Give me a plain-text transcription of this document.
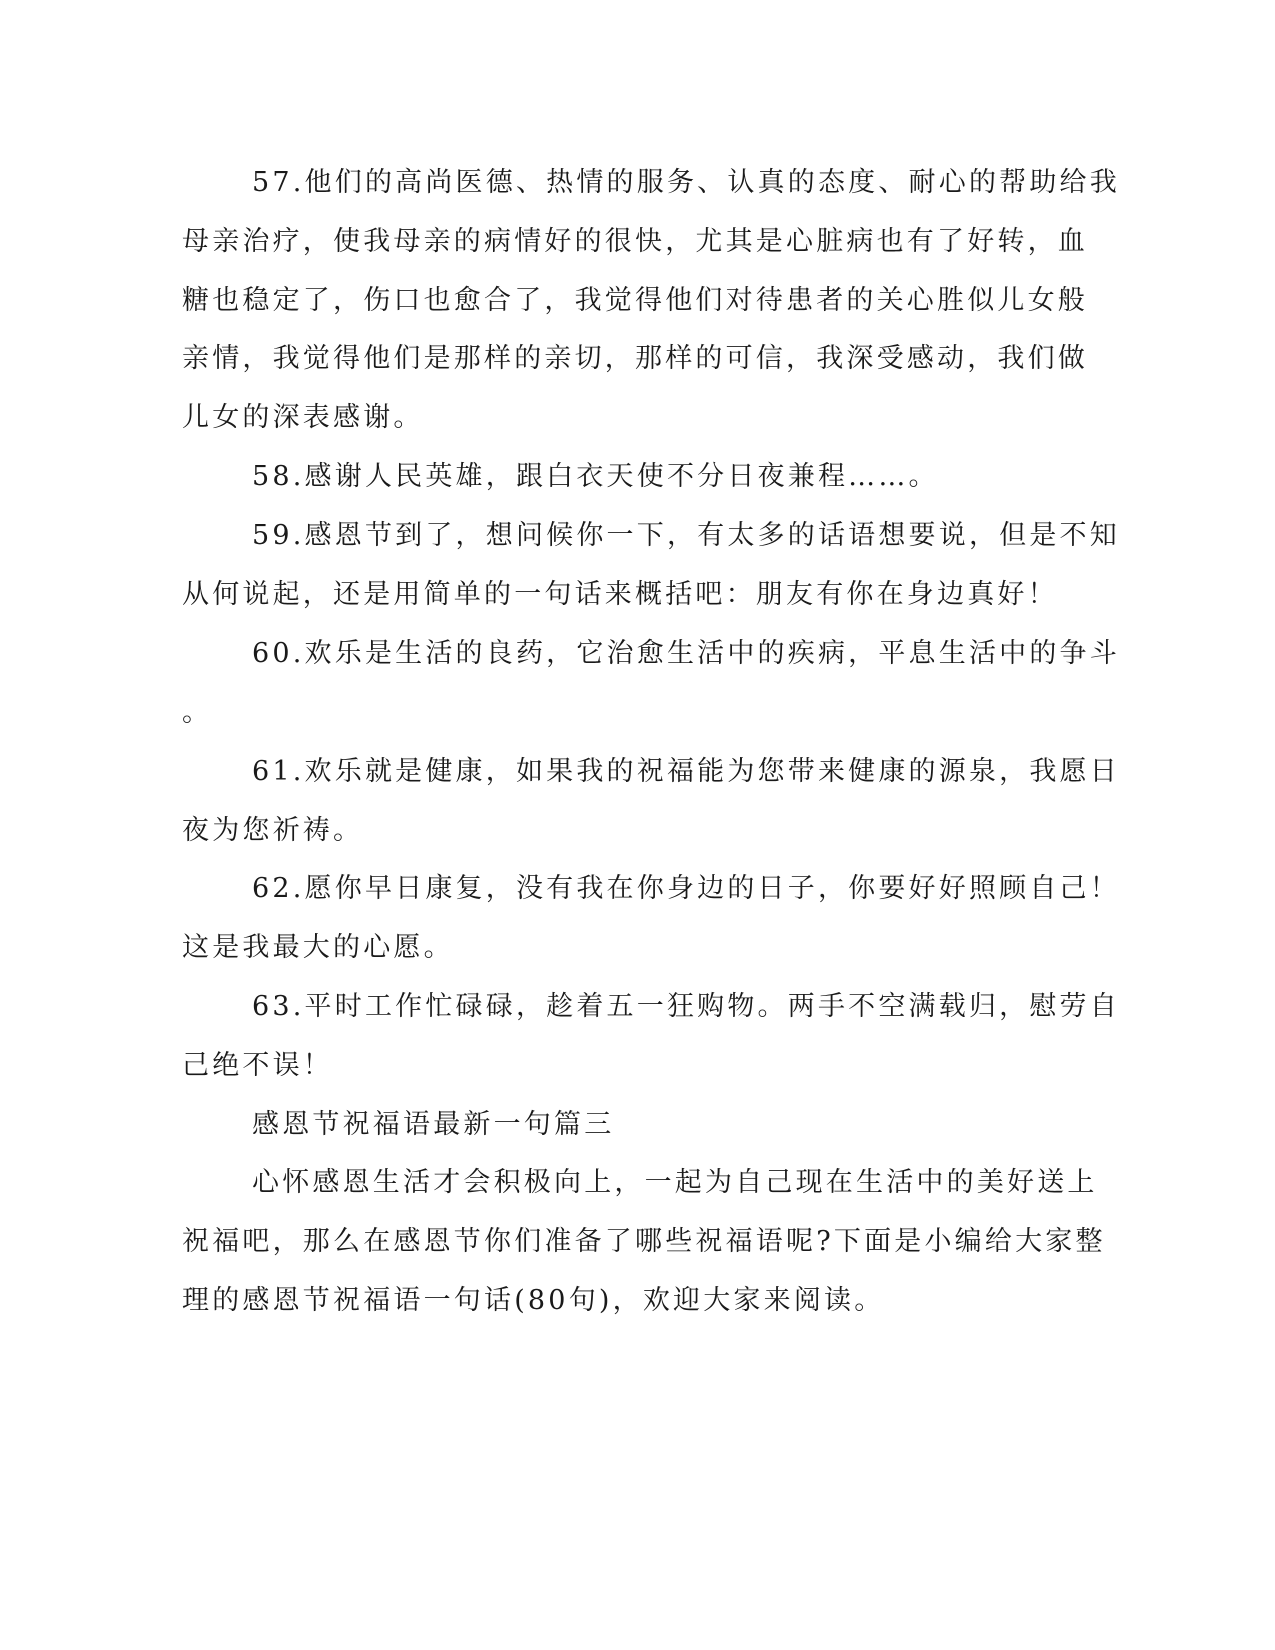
57.他们的高尚医德、热情的服务、认真的态度、耐心的帮助给我
母亲治疗，使我母亲的病情好的很快，尤其是心脏病也有了好转，血
糖也稳定了，伤口也愈合了，我觉得他们对待患者的关心胜似儿女般
亲情，我觉得他们是那样的亲切，那样的可信，我深受感动，我们做
儿女的深表感谢。
58.感谢人民英雄，跟白衣天使不分日夜兼程……。
59.感恩节到了，想问候你一下，有太多的话语想要说，但是不知
从何说起，还是用简单的一句话来概括吧：朋友有你在身边真好！
60.欢乐是生活的良药，它治愈生活中的疾病，平息生活中的争斗
。
61.欢乐就是健康，如果我的祝福能为您带来健康的源泉，我愿日
夜为您祈祷。
62.愿你早日康复，没有我在你身边的日子，你要好好照顾自己！
这是我最大的心愿。
63.平时工作忙碌碌，趁着五一狂购物。两手不空满载归，慰劳自
己绝不误！
感恩节祝福语最新一句篇三
心怀感恩生活才会积极向上，一起为自己现在生活中的美好送上
祝福吧，那么在感恩节你们准备了哪些祝福语呢?下面是小编给大家整
理的感恩节祝福语一句话(80句)，欢迎大家来阅读。
